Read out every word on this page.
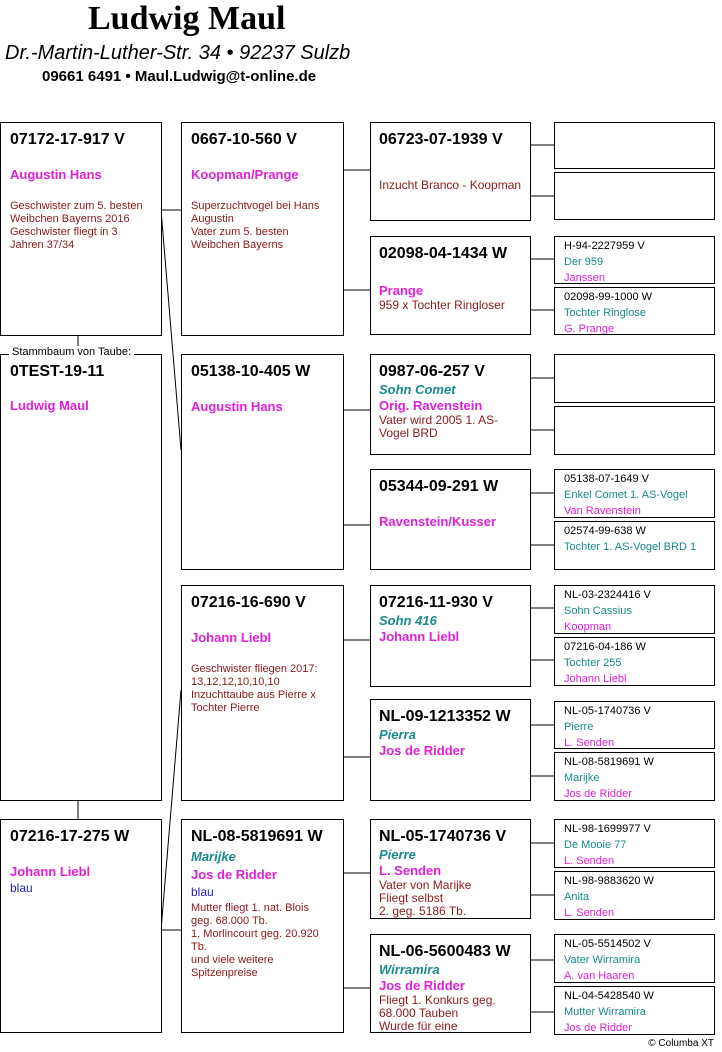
Ludwig Maul
Dr.-Martin-Luther-Str. 34 • 92237 Sulzb
09661 6491 • Maul.Ludwig@t-online.de
07172-17-917 V
Augustin Hans
Geschwister zum 5. besten
Weibchen Bayerns 2016
Geschwister fliegt in 3
Jahren 37/34
Stammbaum von Taube:
0TEST-19-11
Ludwig Maul
07216-17-275 W
Johann Liebl
blau
0667-10-560 V
Koopman/Prange
Superzuchtvogel bei Hans
Augustin
Vater zum 5. besten
Weibchen Bayerns
05138-10-405 W
Augustin Hans
07216-16-690 V
Johann Liebl
Geschwister fliegen 2017:
13,12,12,10,10,10
Inzuchttaube aus Pierre x
Tochter Pierre
NL-08-5819691 W
Marijke
Jos de Ridder
blau
Mutter fliegt 1. nat. Blois
geg. 68.000 Tb.
1. Morlincourt geg. 20.920
Tb.
und viele weitere
Spitzenpreise
06723-07-1939 V
Inzucht Branco - Koopman
02098-04-1434 W
Prange
959 x Tochter Ringloser
0987-06-257 V
Sohn Comet
Orig. Ravenstein
Vater wird 2005 1. AS-
Vogel BRD
05344-09-291 W
Ravenstein/Kusser
07216-11-930 V
Sohn 416
Johann Liebl
NL-09-1213352 W
Pierra
Jos de Ridder
NL-05-1740736 V
Pierre
L. Senden
Vater von Marijke
Fliegt selbst
2. geg. 5186 Tb.
NL-06-5600483 W
Wirramira
Jos de Ridder
Fliegt 1. Konkurs geg.
68.000 Tauben
Wurde für eine
H-94-2227959 V
Der 959
Janssen
02098-99-1000 W
Tochter Ringlose
G. Prange
05138-07-1649 V
Enkel Comet 1. AS-Vogel
Van Ravenstein
02574-99-638 W
Tochter 1. AS-Vogel BRD 1
NL-03-2324416 V
Sohn Cassius
Koopman
07216-04-186 W
Tochter 255
Johann Liebl
NL-05-1740736 V
Pierre
L. Senden
NL-08-5819691 W
Marijke
Jos de Ridder
NL-98-1699977 V
De Mooie 77
L. Senden
NL-98-9883620 W
Anita
L. Senden
NL-05-5514502 V
Vater Wirramira
A. van Haaren
NL-04-5428540 W
Mutter Wirramira
Jos de Ridder
© Columba XT
